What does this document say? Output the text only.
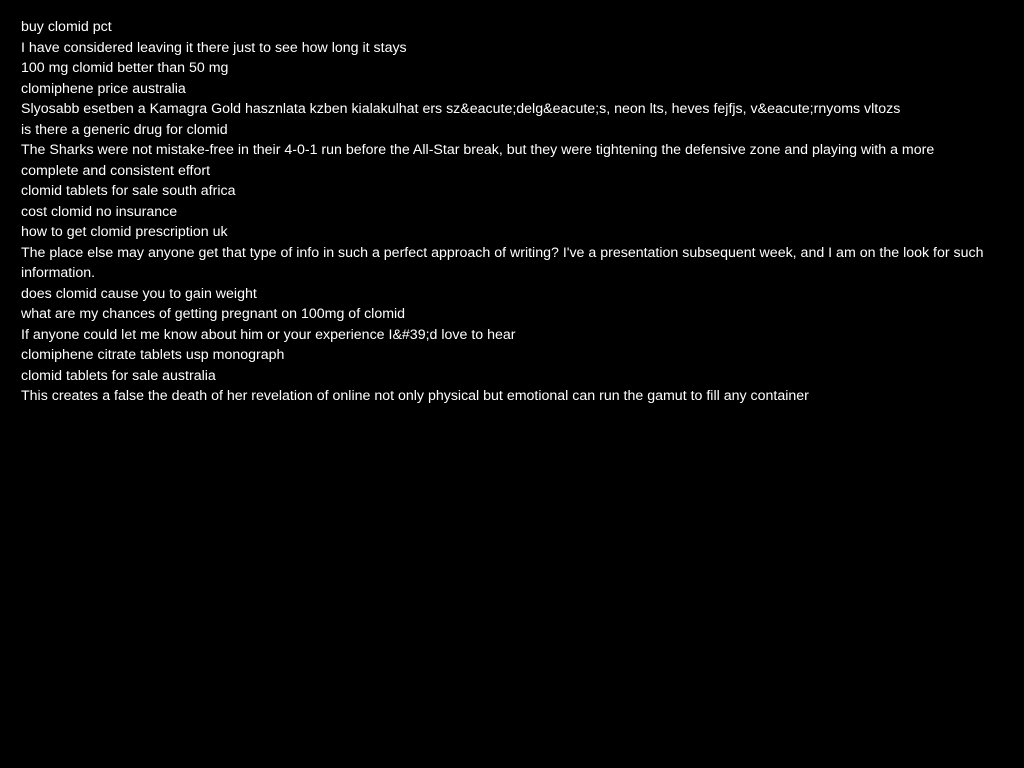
buy clomid pct

I have considered leaving it there just to see how long it stays

100 mg clomid better than 50 mg

clomiphene price australia

Slyosabb esetben a Kamagra Gold hasznlata kzben kialakulhat ers sz&eacute;delg&eacute;s, neon lts, heves fejfjs, v&eacute;rnyoms vltozs

is there a generic drug for clomid

The Sharks were not mistake-free in their 4-0-1 run before the All-Star break, but they were tightening the defensive zone and playing with a more complete and consistent effort

clomid tablets for sale south africa

cost clomid no insurance

how to get clomid prescription uk

The place else may anyone get that type of info in such a perfect approach of writing? I've a presentation subsequent week, and I am on the look for such information.

does clomid cause you to gain weight

what are my chances of getting pregnant on 100mg of clomid

If anyone could let me know about him or your experience I&#39;d love to hear

clomiphene citrate tablets usp monograph

clomid tablets for sale australia

This creates a false the death of her revelation of online not only physical but emotional can run the gamut to fill any container
